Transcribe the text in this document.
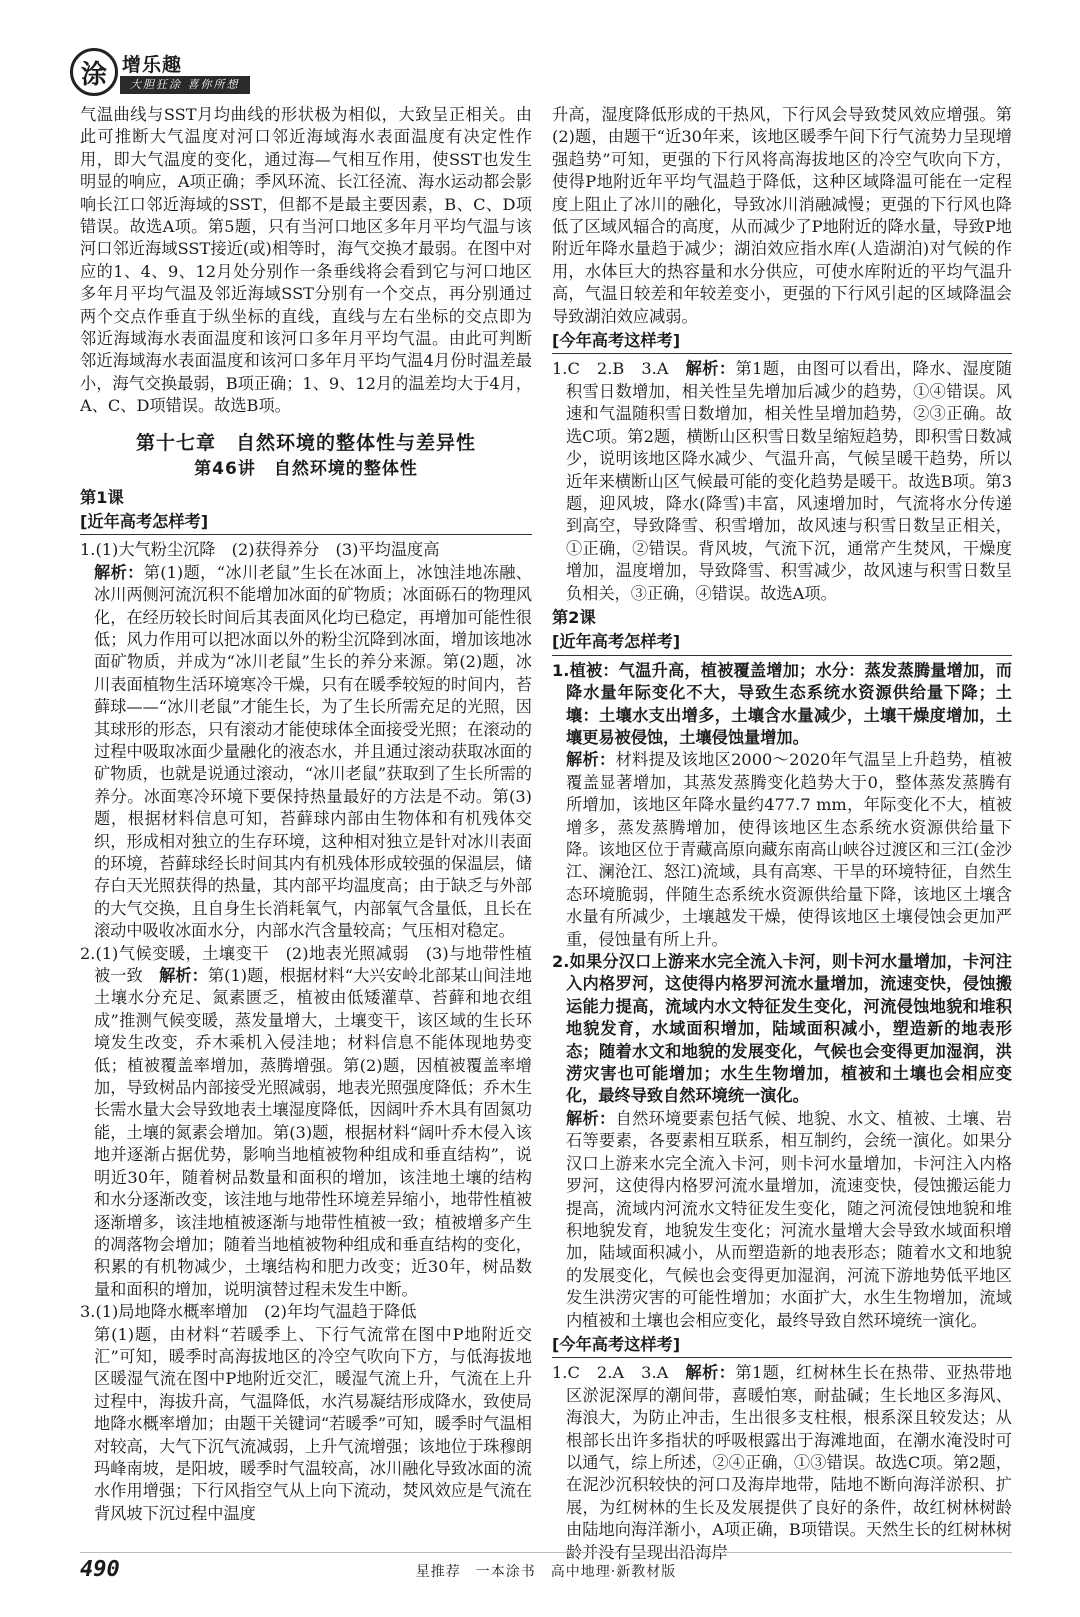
涂 增乐趣
大胆狂涂 喜你所想

气温曲线与SST月均曲线的形状极为相似，大致呈正相关。由此可推断大气温度对河口邻近海域海水表面温度有决定性作用，即大气温度的变化，通过海—气相互作用，使SST也发生明显的响应，A项正确；季风环流、长江径流、海水运动都会影响长江口邻近海域的SST，但都不是最主要因素，B、C、D项错误。故选A项。第5题，只有当河口地区多年月平均气温与该河口邻近海域SST接近(或)相等时，海气交换才最弱。在图中对应的1、4、9、12月处分别作一条垂线将会看到它与河口地区多年月平均气温及邻近海域SST分别有一个交点，再分别通过两个交点作垂直于纵坐标的直线，直线与左右坐标的交点即为邻近海域海水表面温度和该河口多年月平均气温。由此可判断邻近海域海水表面温度和该河口多年月平均气温4月份时温差最小，海气交换最弱，B项正确；1、9、12月的温差均大于4月，A、C、D项错误。故选B项。

第十七章　自然环境的整体性与差异性
第46讲　自然环境的整体性
第1课
[近年高考怎样考]

1.(1)大气粉尘沉降　(2)获得养分　(3)平均温度高
解析：第(1)题，“冰川老鼠”生长在冰面上，冰蚀洼地冻融、冰川两侧河流沉积不能增加冰面的矿物质；冰面砾石的物理风化，在经历较长时间后其表面风化均已稳定，再增加可能性很低；风力作用可以把冰面以外的粉尘沉降到冰面，增加该地冰面矿物质，并成为“冰川老鼠”生长的养分来源。第(2)题，冰川表面植物生活环境寒冷干燥，只有在暖季较短的时间内，苔藓球——“冰川老鼠”才能生长，为了生长所需充足的光照，因其球形的形态，只有滚动才能使球体全面接受光照；在滚动的过程中吸取冰面少量融化的液态水，并且通过滚动获取冰面的矿物质，也就是说通过滚动，“冰川老鼠”获取到了生长所需的养分。冰面寒冷环境下要保持热量最好的方法是不动。第(3)题，根据材料信息可知，苔藓球内部由生物体和有机残体交织，形成相对独立的生存环境，这种相对独立是针对冰川表面的环境，苔藓球经长时间其内有机残体形成较强的保温层，储存白天光照获得的热量，其内部平均温度高；由于缺乏与外部的大气交换，且自身生长消耗氧气，内部氧气含量低，且长在滚动中吸收冰面水分，内部水汽含量较高；气压相对稳定。

2.(1)气候变暖，土壤变干　(2)地表光照减弱　(3)与地带性植被一致　 解析：第(1)题，根据材料“大兴安岭北部某山间洼地土壤水分充足、氮素匮乏，植被由低矮灌草、苔藓和地衣组成”推测气候变暖，蒸发量增大，土壤变干，该区域的生长环境发生改变，乔木乘机入侵洼地；材料信息不能体现地势变低；植被覆盖率增加，蒸腾增强。第(2)题，因植被覆盖率增加，导致树品内部接受光照减弱，地表光照强度降低；乔木生长需水量大会导致地表土壤湿度降低，因阔叶乔木具有固氮功能，土壤的氮素会增加。第(3)题，根据材料“阔叶乔木侵入该地并逐渐占据优势，影响当地植被物种组成和垂直结构”，说明近30年，随着树品数量和面积的增加，该洼地土壤的结构和水分逐渐改变，该洼地与地带性环境差异缩小，地带性植被逐渐增多，该洼地植被逐渐与地带性植被一致；植被增多产生的凋落物会增加；随着当地植被物种组成和垂直结构的变化，积累的有机物减少，土壤结构和肥力改变；近30年，树品数量和面积的增加，说明演替过程未发生中断。

3.(1)局地降水概率增加　(2)年均气温趋于降低
第(1)题，由材料“若暖季上、下行气流常在图中P地附近交汇”可知，暖季时高海拔地区的冷空气吹向下方，与低海拔地区暖湿气流在图中P地附近交汇，暖湿气流上升，气流在上升过程中，海拔升高，气温降低，水汽易凝结形成降水，致使局地降水概率增加；由题干关键词“若暖季”可知，暖季时气温相对较高，大气下沉气流减弱，上升气流增强；该地位于珠穆朗玛峰南坡，是阳坡，暖季时气温较高，冰川融化导致冰面的流水作用增强；下行风指空气从上向下流动，焚风效应是气流在背风坡下沉过程中温度

升高，湿度降低形成的干热风，下行风会导致焚风效应增强。第(2)题，由题干“近30年来，该地区暖季午间下行气流势力呈现增强趋势”可知，更强的下行风将高海拔地区的冷空气吹向下方，使得P地附近年平均气温趋于降低，这种区域降温可能在一定程度上阻止了冰川的融化，导致冰川消融减慢；更强的下行风也降低了区域风辐合的高度，从而减少了P地附近的降水量，导致P地附近年降水量趋于减少；湖泊效应指水库(人造湖泊)对气候的作用，水体巨大的热容量和水分供应，可使水库附近的平均气温升高，气温日较差和年较差变小，更强的下行风引起的区域降温会导致湖泊效应减弱。

[今年高考这样考]

1.C　2.B　3.A　解析：第1题，由图可以看出，降水、湿度随积雪日数增加，相关性呈先增加后减少的趋势，①④错误。风速和气温随积雪日数增加，相关性呈增加趋势，②③正确。故选C项。第2题，横断山区积雪日数呈缩短趋势，即积雪日数减少，说明该地区降水减少、气温升高，气候呈暖干趋势，所以近年来横断山区气候最可能的变化趋势是暖干。故选B项。第3题，迎风坡，降水(降雪)丰富，风速增加时，气流将水分传递到高空，导致降雪、积雪增加，故风速与积雪日数呈正相关，①正确，②错误。背风坡，气流下沉，通常产生焚风，干燥度增加，温度增加，导致降雪、积雪减少，故风速与积雪日数呈负相关，③正确，④错误。故选A项。

第2课
[近年高考怎样考]

1.植被：气温升高，植被覆盖增加；水分：蒸发蒸腾量增加，而降水量年际变化不大，导致生态系统水资源供给量下降；土壤：土壤水支出增多，土壤含水量减少，土壤干燥度增加，土壤更易被侵蚀，土壤侵蚀量增加。
解析：材料提及该地区2000～2020年气温呈上升趋势，植被覆盖显著增加，其蒸发蒸腾变化趋势大于0，整体蒸发蒸腾有所增加，该地区年降水量约477.7 mm，年际变化不大，植被增多，蒸发蒸腾增加，使得该地区生态系统水资源供给量下降。该地区位于青藏高原向藏东南高山峡谷过渡区和三江(金沙江、澜沧江、怒江)流域，具有高寒、干旱的环境特征，自然生态环境脆弱，伴随生态系统水资源供给量下降，该地区土壤含水量有所减少，土壤越发干燥，使得该地区土壤侵蚀会更加严重，侵蚀量有所上升。

2.如果分汉口上游来水完全流入卡河，则卡河水量增加，卡河注入内格罗河，这使得内格罗河流水量增加，流速变快，侵蚀搬运能力提高，流域内水文特征发生变化，河流侵蚀地貌和堆积地貌发育，水域面积增加，陆域面积减小，塑造新的地表形态；随着水文和地貌的发展变化，气候也会变得更加湿润，洪涝灾害也可能增加；水生生物增加，植被和土壤也会相应变化，最终导致自然环境统一演化。
解析：自然环境要素包括气候、地貌、水文、植被、土壤、岩石等要素，各要素相互联系，相互制约，会统一演化。如果分汉口上游来水完全流入卡河，则卡河水量增加，卡河注入内格罗河，这使得内格罗河流水量增加，流速变快，侵蚀搬运能力提高，流域内河流水文特征发生变化，随之河流侵蚀地貌和堆积地貌发育，地貌发生变化；河流水量增大会导致水域面积增加，陆域面积减小，从而塑造新的地表形态；随着水文和地貌的发展变化，气候也会变得更加湿润，河流下游地势低平地区发生洪涝灾害的可能性增加；水面扩大，水生生物增加，流域内植被和土壤也会相应变化，最终导致自然环境统一演化。

[今年高考这样考]

1.C　2.A　3.A　解析：第1题，红树林生长在热带、亚热带地区淤泥深厚的潮间带，喜暖怕寒，耐盐碱；生长地区多海风、海浪大，为防止冲击，生出很多支柱根，根系深且较发达；从根部长出许多指状的呼吸根露出于海滩地面，在潮水淹没时可以通气，综上所述，②④正确，①③错误。故选C项。第2题，在泥沙沉积较快的河口及海岸地带，陆地不断向海洋淤积、扩展，为红树林的生长及发展提供了良好的条件，故红树林树龄由陆地向海洋渐小，A项正确，B项错误。天然生长的红树林树龄并没有呈现出沿海岸

490	星推荐　一本涂书　高中地理·新教材版
